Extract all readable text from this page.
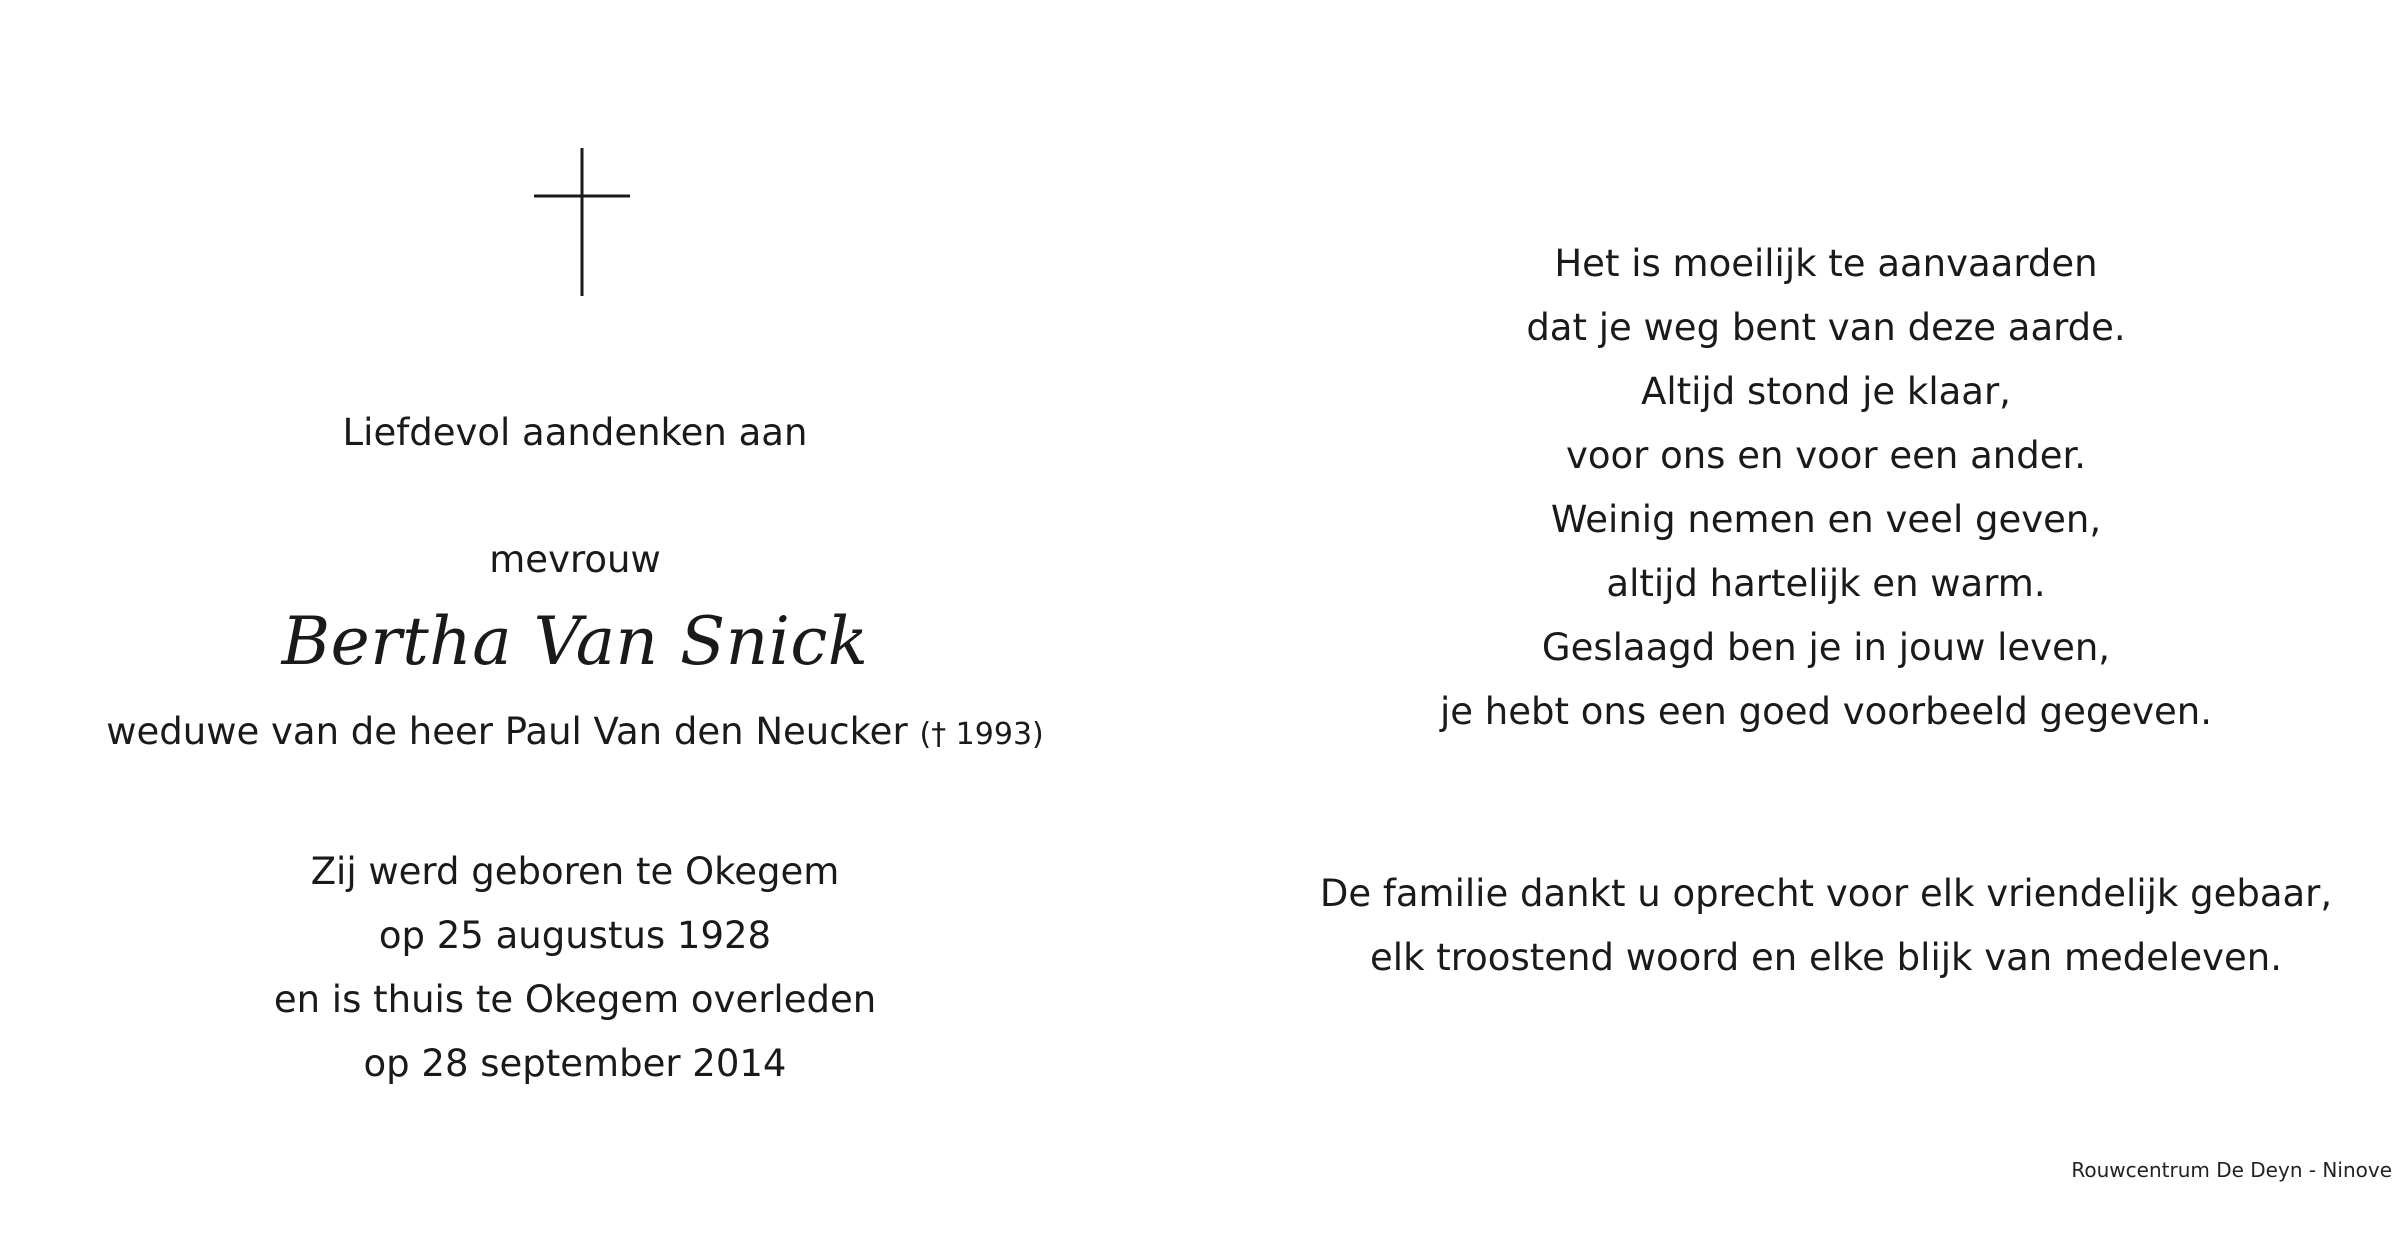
Liefdevol aandenken aan
mevrouw
Bertha Van Snick
weduwe van de heer Paul Van den Neucker († 1993)
Zij werd geboren te Okegem
op 25 augustus 1928
en is thuis te Okegem overleden
op 28 september 2014
Het is moeilijk te aanvaarden
dat je weg bent van deze aarde.
Altijd stond je klaar,
voor ons en voor een ander.
Weinig nemen en veel geven,
altijd hartelijk en warm.
Geslaagd ben je in jouw leven,
je hebt ons een goed voorbeeld gegeven.
De familie dankt u oprecht voor elk vriendelijk gebaar,
elk troostend woord en elke blijk van medeleven.
Rouwcentrum De Deyn - Ninove
